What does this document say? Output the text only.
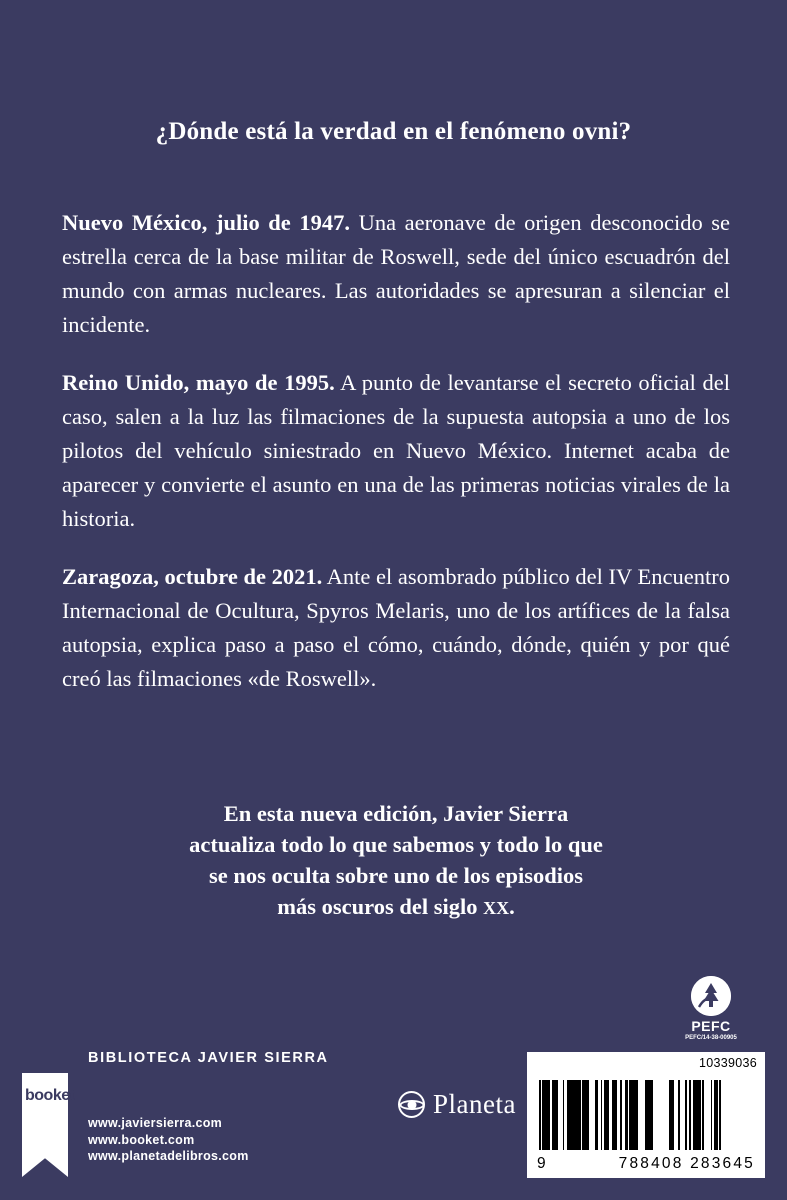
¿Dónde está la verdad en el fenómeno ovni?

Nuevo México, julio de 1947. Una aeronave de origen desconocido se estrella cerca de la base militar de Roswell, sede del único escuadrón del mundo con armas nucleares. Las autoridades se apresuran a silenciar el incidente.

Reino Unido, mayo de 1995. A punto de levantarse el secreto oficial del caso, salen a la luz las filmaciones de la supuesta autopsia a uno de los pilotos del vehículo siniestrado en Nuevo México. Internet acaba de aparecer y convierte el asunto en una de las primeras noticias virales de la historia.

Zaragoza, octubre de 2021. Ante el asombrado público del IV Encuentro Internacional de Ocultura, Spyros Melaris, uno de los artífices de la falsa autopsia, explica paso a paso el cómo, cuándo, dónde, quién y por qué creó las filmaciones «de Roswell».

En esta nueva edición, Javier Sierra
actualiza todo lo que sabemos y todo lo que
se nos oculta sobre uno de los episodios
más oscuros del siglo XX.
PEFC
PEFC/14-38-00905
BIBLIOTECA JAVIER SIERRA
booket
www.javiersierra.com
www.booket.com
www.planetadelibros.com
Planeta
10339036
9	788408 283645
